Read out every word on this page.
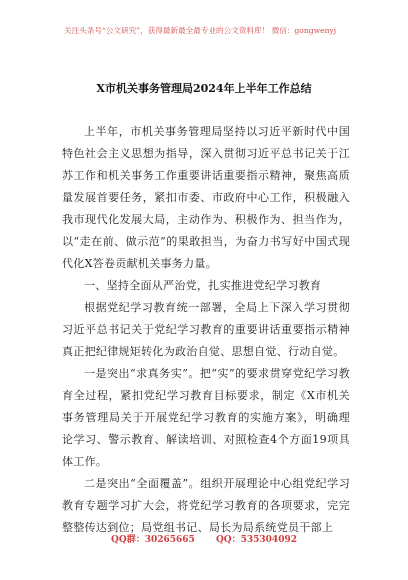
关注头条号“公文研究”，获得最新最全最专业的公文资料库！ 微信：gongwenyj
X市机关事务管理局2024年上半年工作总结

上半年，市机关事务管理局坚持以习近平新时代中国特色社会主义思想为指导，深入贯彻习近平总书记关于江苏工作和机关事务工作重要讲话重要指示精神，聚焦高质量发展首要任务，紧扣市委、市政府中心工作，积极融入我市现代化发展大局，主动作为、积极作为、担当作为，以“走在前、做示范”的果敢担当，为奋力书写好中国式现代化X答卷贡献机关事务力量。

一、坚持全面从严治党，扎实推进党纪学习教育

根据党纪学习教育统一部署，全局上下深入学习贯彻习近平总书记关于党纪学习教育的重要讲话重要指示精神真正把纪律规矩转化为政治自觉、思想自觉、行动自觉。

一是突出“求真务实”。把“实”的要求贯穿党纪学习教育全过程，紧扣党纪学习教育目标要求，制定《X市机关事务管理局关于开展党纪学习教育的实施方案》，明确理论学习、警示教育、解读培训、对照检查4个方面19项具体工作。

二是突出“全面覆盖”。组织开展理论中心组党纪学习教育专题学习扩大会，将党纪学习教育的各项要求，完完整整传达到位；局党组书记、局长为局系统党员干部上

QQ群：30265665 QQ：535304092
